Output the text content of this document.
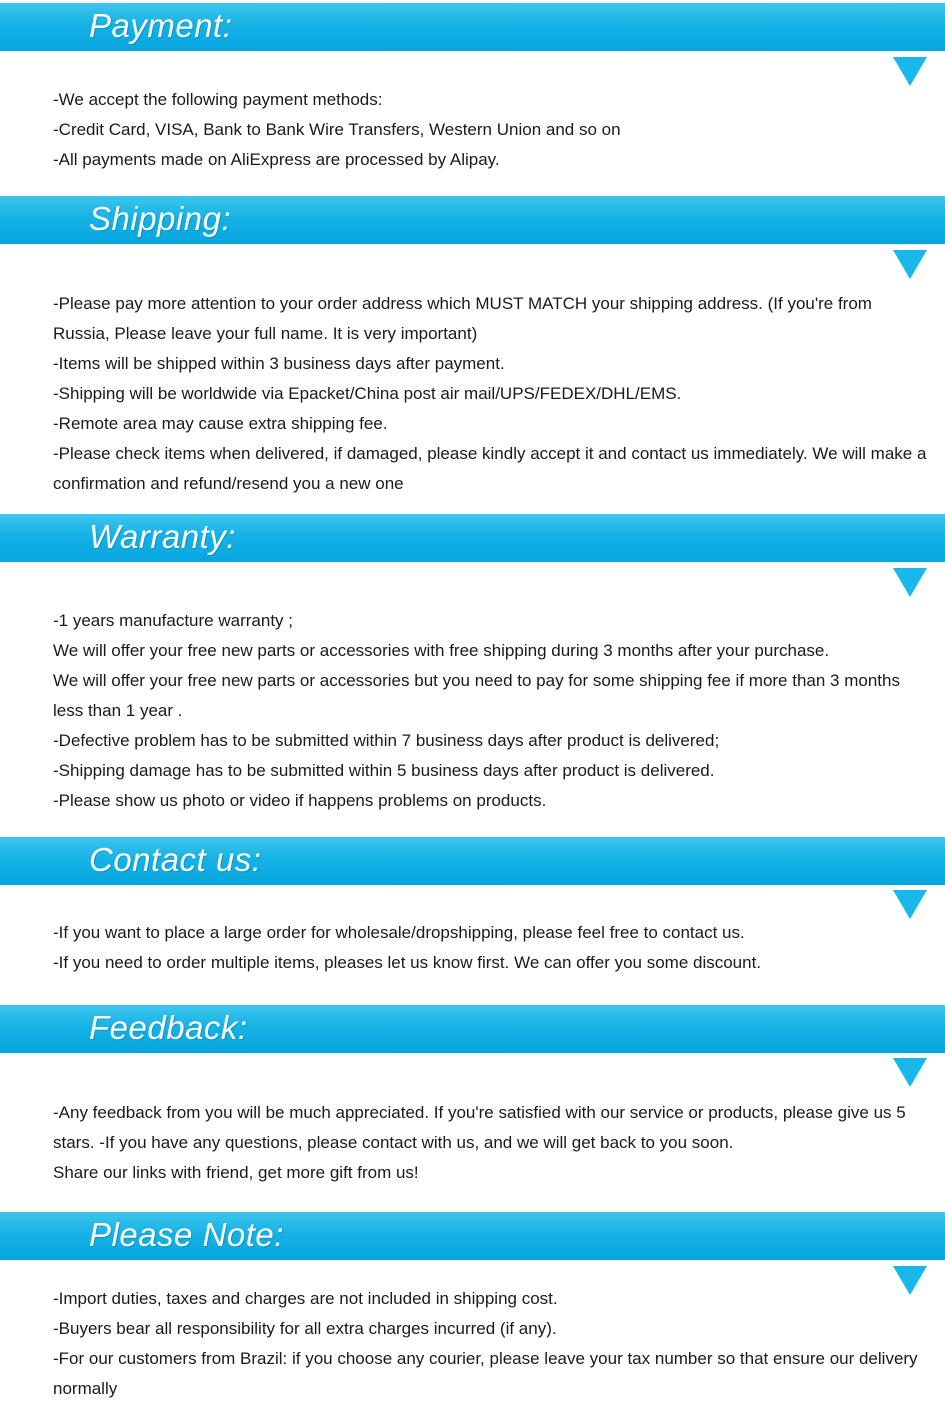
Payment:
-We accept the following payment methods:
-Credit Card, VISA, Bank to Bank Wire Transfers, Western Union and so on
-All payments made on AliExpress are processed by Alipay.
Shipping:
-Please pay more attention to your order address which MUST MATCH your shipping address. (If you're from Russia, Please leave your full name. It is very important)
-Items will be shipped within 3 business days after payment.
-Shipping will be worldwide via Epacket/China post air mail/UPS/FEDEX/DHL/EMS.
-Remote area may cause extra shipping fee.
-Please check items when delivered, if damaged, please kindly accept it and contact us immediately. We will make a confirmation and refund/resend you a new one
Warranty:
-1 years manufacture warranty ;
We will offer your free new parts or accessories with free shipping during 3 months after your purchase.
We will offer your free new parts or accessories but you need to pay for some shipping fee if more than 3 months less than 1 year .
-Defective problem has to be submitted within 7 business days after product is delivered;
-Shipping damage has to be submitted within 5 business days after product is delivered.
-Please show us photo or video if happens problems on products.
Contact us:
-If you want to place a large order for wholesale/dropshipping, please feel free to contact us.
-If you need to order multiple items, pleases let us know first. We can offer you some discount.
Feedback:
-Any feedback from you will be much appreciated. If you're satisfied with our service or products, please give us 5 stars. -If you have any questions, please contact with us, and we will get back to you soon.
Share our links with friend, get more gift from us!
Please Note:
-Import duties, taxes and charges are not included in shipping cost.
-Buyers bear all responsibility for all extra charges incurred (if any).
-For our customers from Brazil: if you choose any courier, please leave your tax number so that ensure our delivery normally
